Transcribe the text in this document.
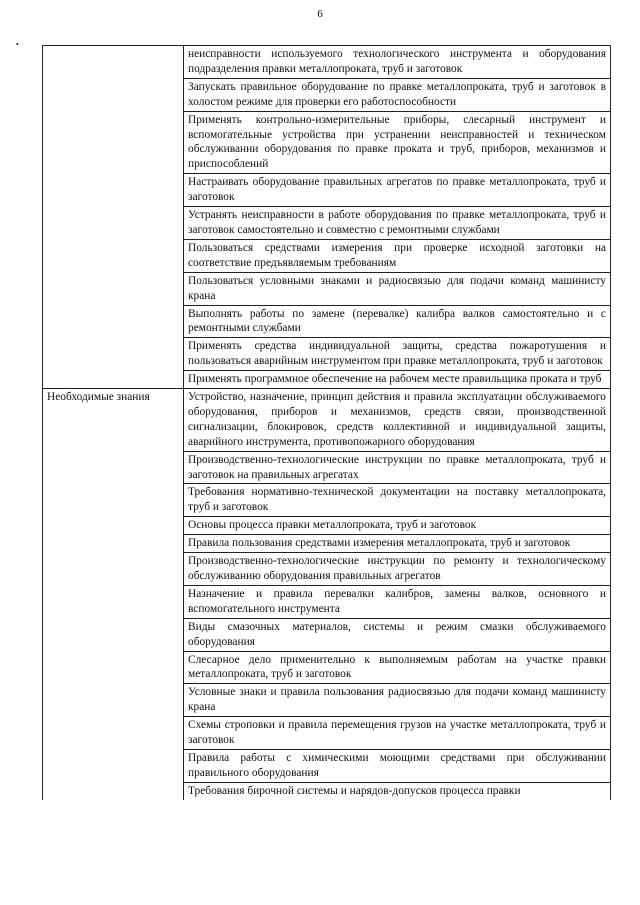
6
•
	неисправности используемого технологического инструмента и оборудования подразделения правки металлопроката, труб и заготовок
	Запускать правильное оборудование по правке металлопроката, труб и заготовок в холостом режиме для проверки его работоспособности
	Применять контрольно-измерительные приборы, слесарный инструмент и вспомогательные устройства при устранении неисправностей и техническом обслуживании оборудования по правке проката и труб, приборов, механизмов и приспособлений
	Настраивать оборудование правильных агрегатов по правке металлопроката, труб и заготовок
	Устранять неисправности в работе оборудования по правке металлопроката, труб и заготовок самостоятельно и совместно с ремонтными службами
	Пользоваться средствами измерения при проверке исходной заготовки на соответствие предъявляемым требованиям
	Пользоваться условными знаками и радиосвязью для подачи команд машинисту крана
	Выполнять работы по замене (перевалке) калибра валков самостоятельно и с ремонтными службами
	Применять средства индивидуальной защиты, средства пожаротушения и пользоваться аварийным инструментом при правке металлопроката, труб и заготовок
	Применять программное обеспечение на рабочем месте правильщика проката и труб
Необходимые знания	Устройство, назначение, принцип действия и правила эксплуатации обслуживаемого оборудования, приборов и механизмов, средств связи, производственной сигнализации, блокировок, средств коллективной и индивидуальной защиты, аварийного инструмента, противопожарного оборудования
	Производственно-технологические инструкции по правке металлопроката, труб и заготовок на правильных агрегатах
	Требования нормативно-технической документации на поставку металлопроката, труб и заготовок
	Основы процесса правки металлопроката, труб и заготовок
	Правила пользования средствами измерения металлопроката, труб и заготовок
	Производственно-технологические инструкции по ремонту и технологическому обслуживанию оборудования правильных агрегатов
	Назначение и правила перевалки калибров, замены валков, основного и вспомогательного инструмента
	Виды смазочных материалов, системы и режим смазки обслуживаемого оборудования
	Слесарное дело применительно к выполняемым работам на участке правки металлопроката, труб и заготовок
	Условные знаки и правила пользования радиосвязью для подачи команд машинисту крана
	Схемы строповки и правила перемещения грузов на участке металлопроката, труб и заготовок
	Правила работы с химическими моющими средствами при обслуживании правильного оборудования
	Требования бирочной системы и нарядов-допусков процесса правки
